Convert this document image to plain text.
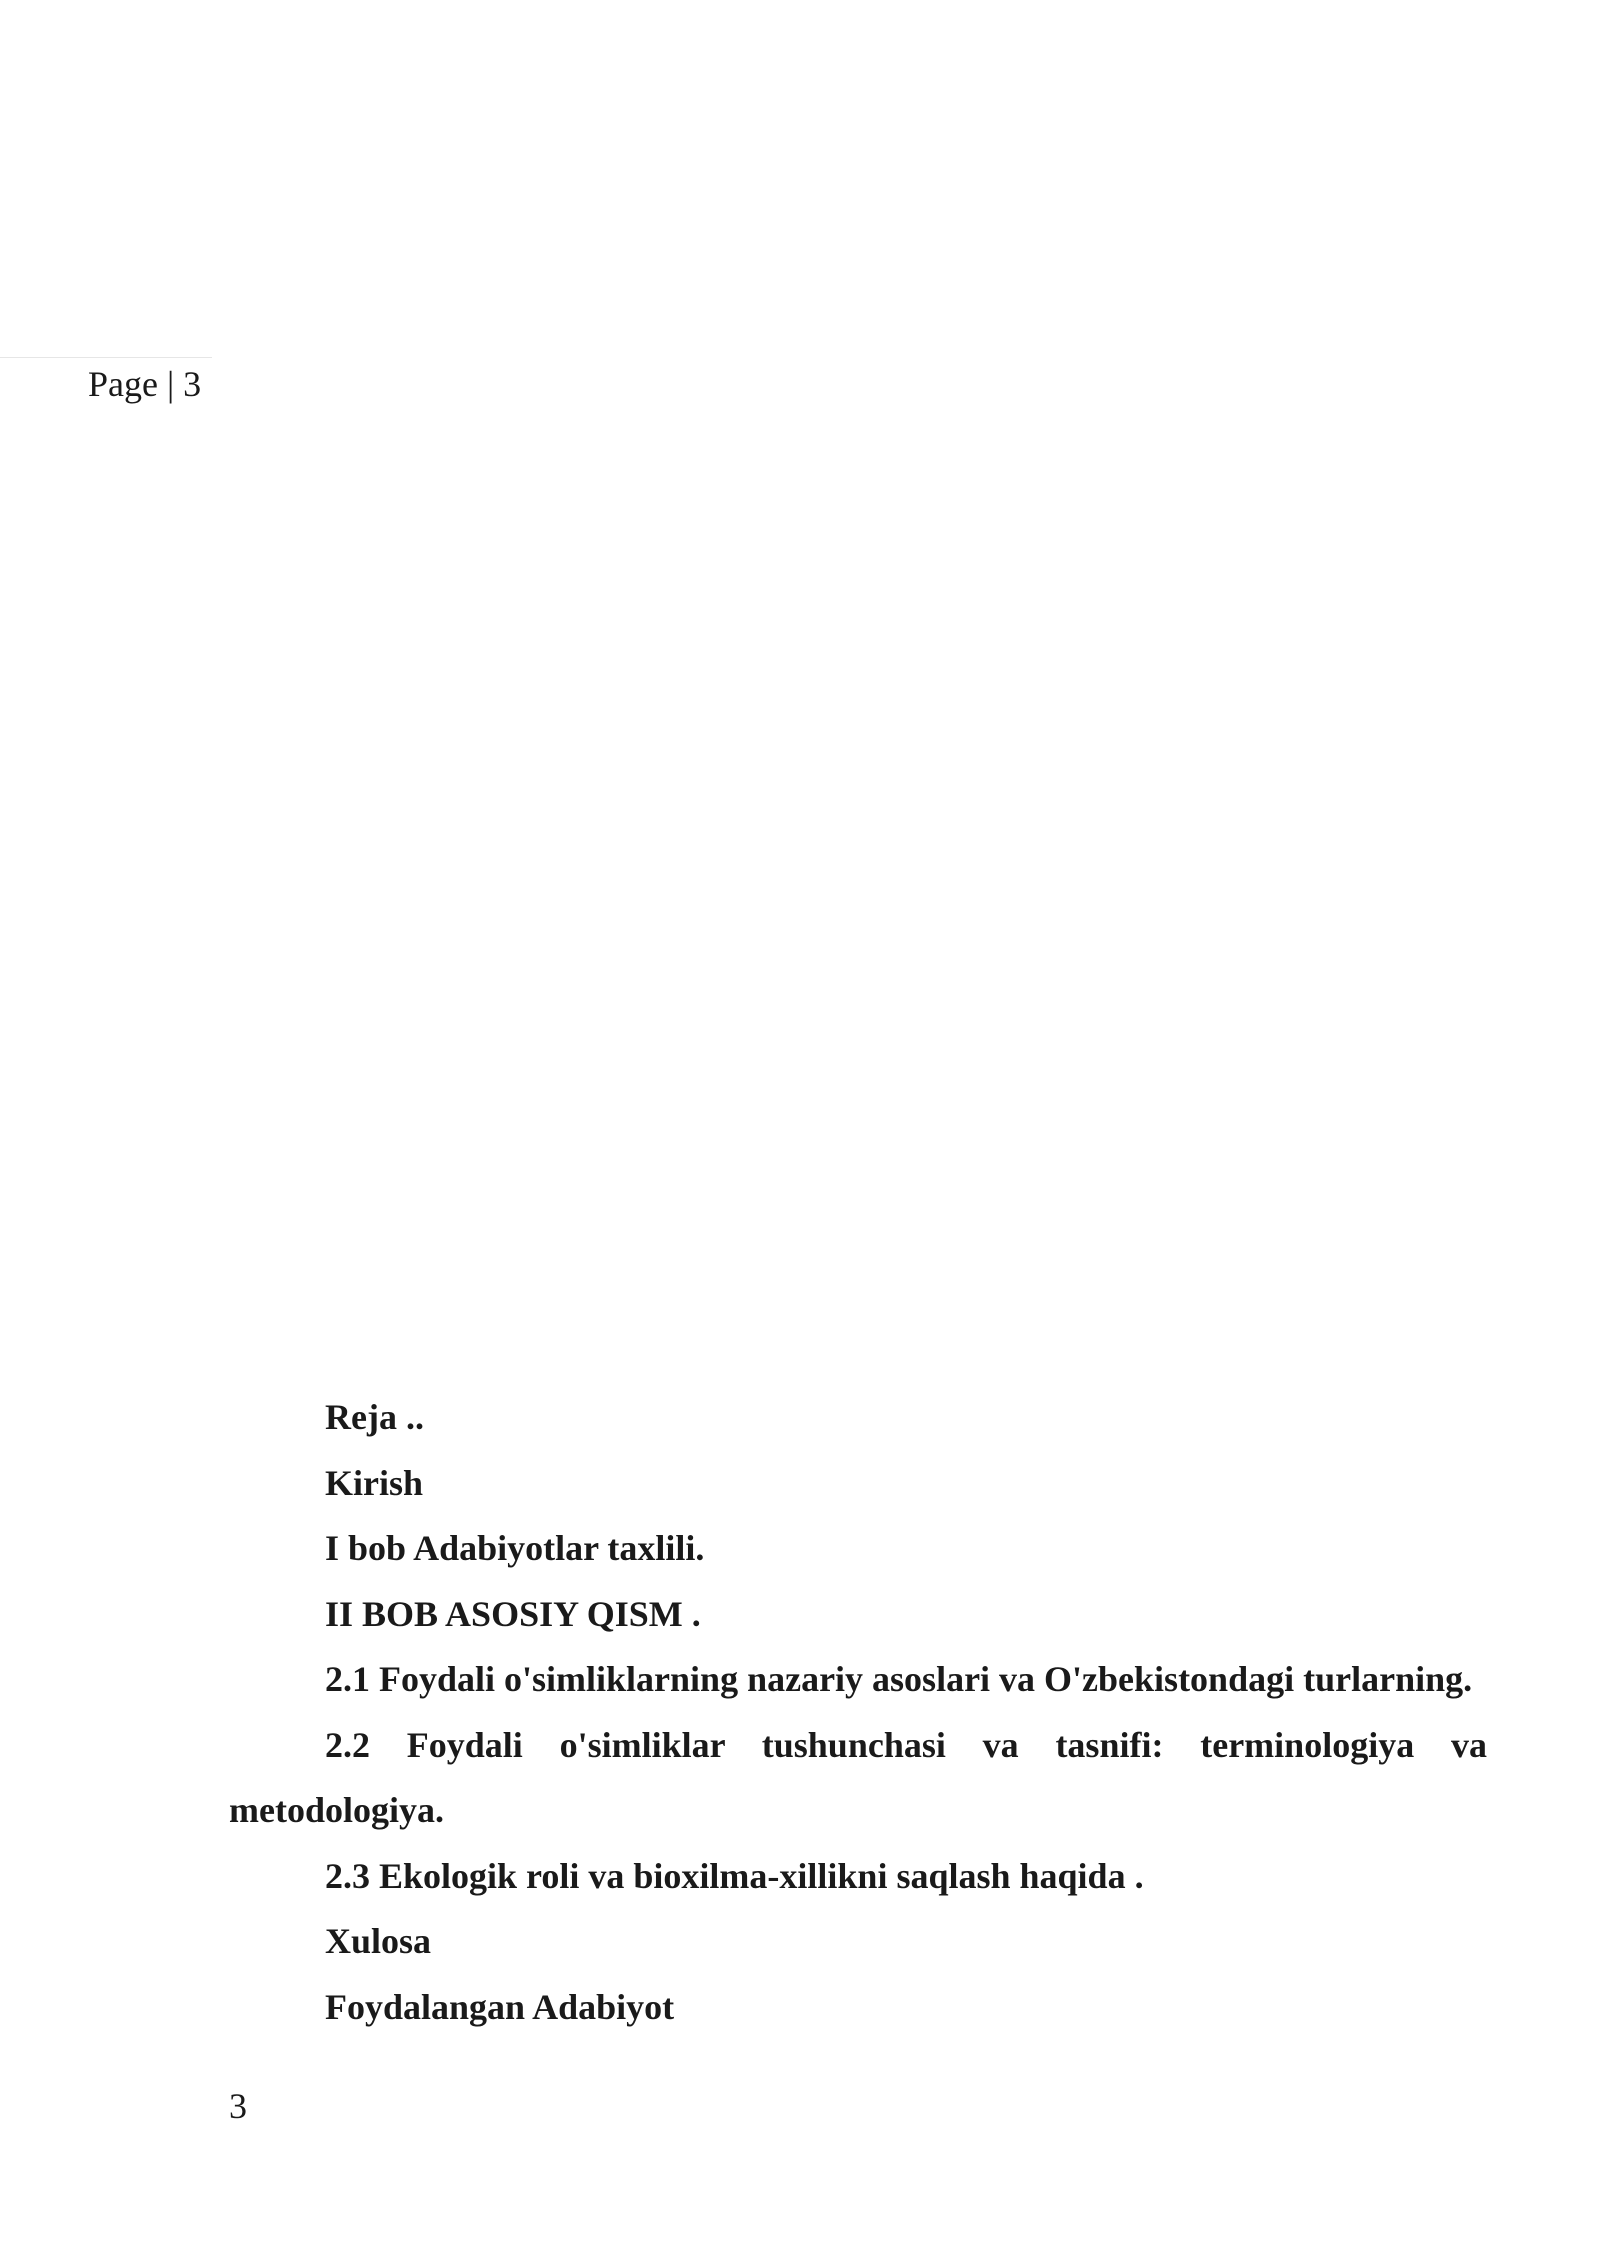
Page | 3

Reja ..

Kirish

I bob Adabiyotlar taxlili.

II BOB ASOSIY QISM .

2.1 Foydali o'simliklarning nazariy asoslari va O'zbekistondagi turlarning.

2.2 Foydali o'simliklar tushunchasi va tasnifi: terminologiya va metodologiya.

2.3 Ekologik roli va bioxilma-xillikni saqlash haqida .

Xulosa

Foydalangan Adabiyot

3
